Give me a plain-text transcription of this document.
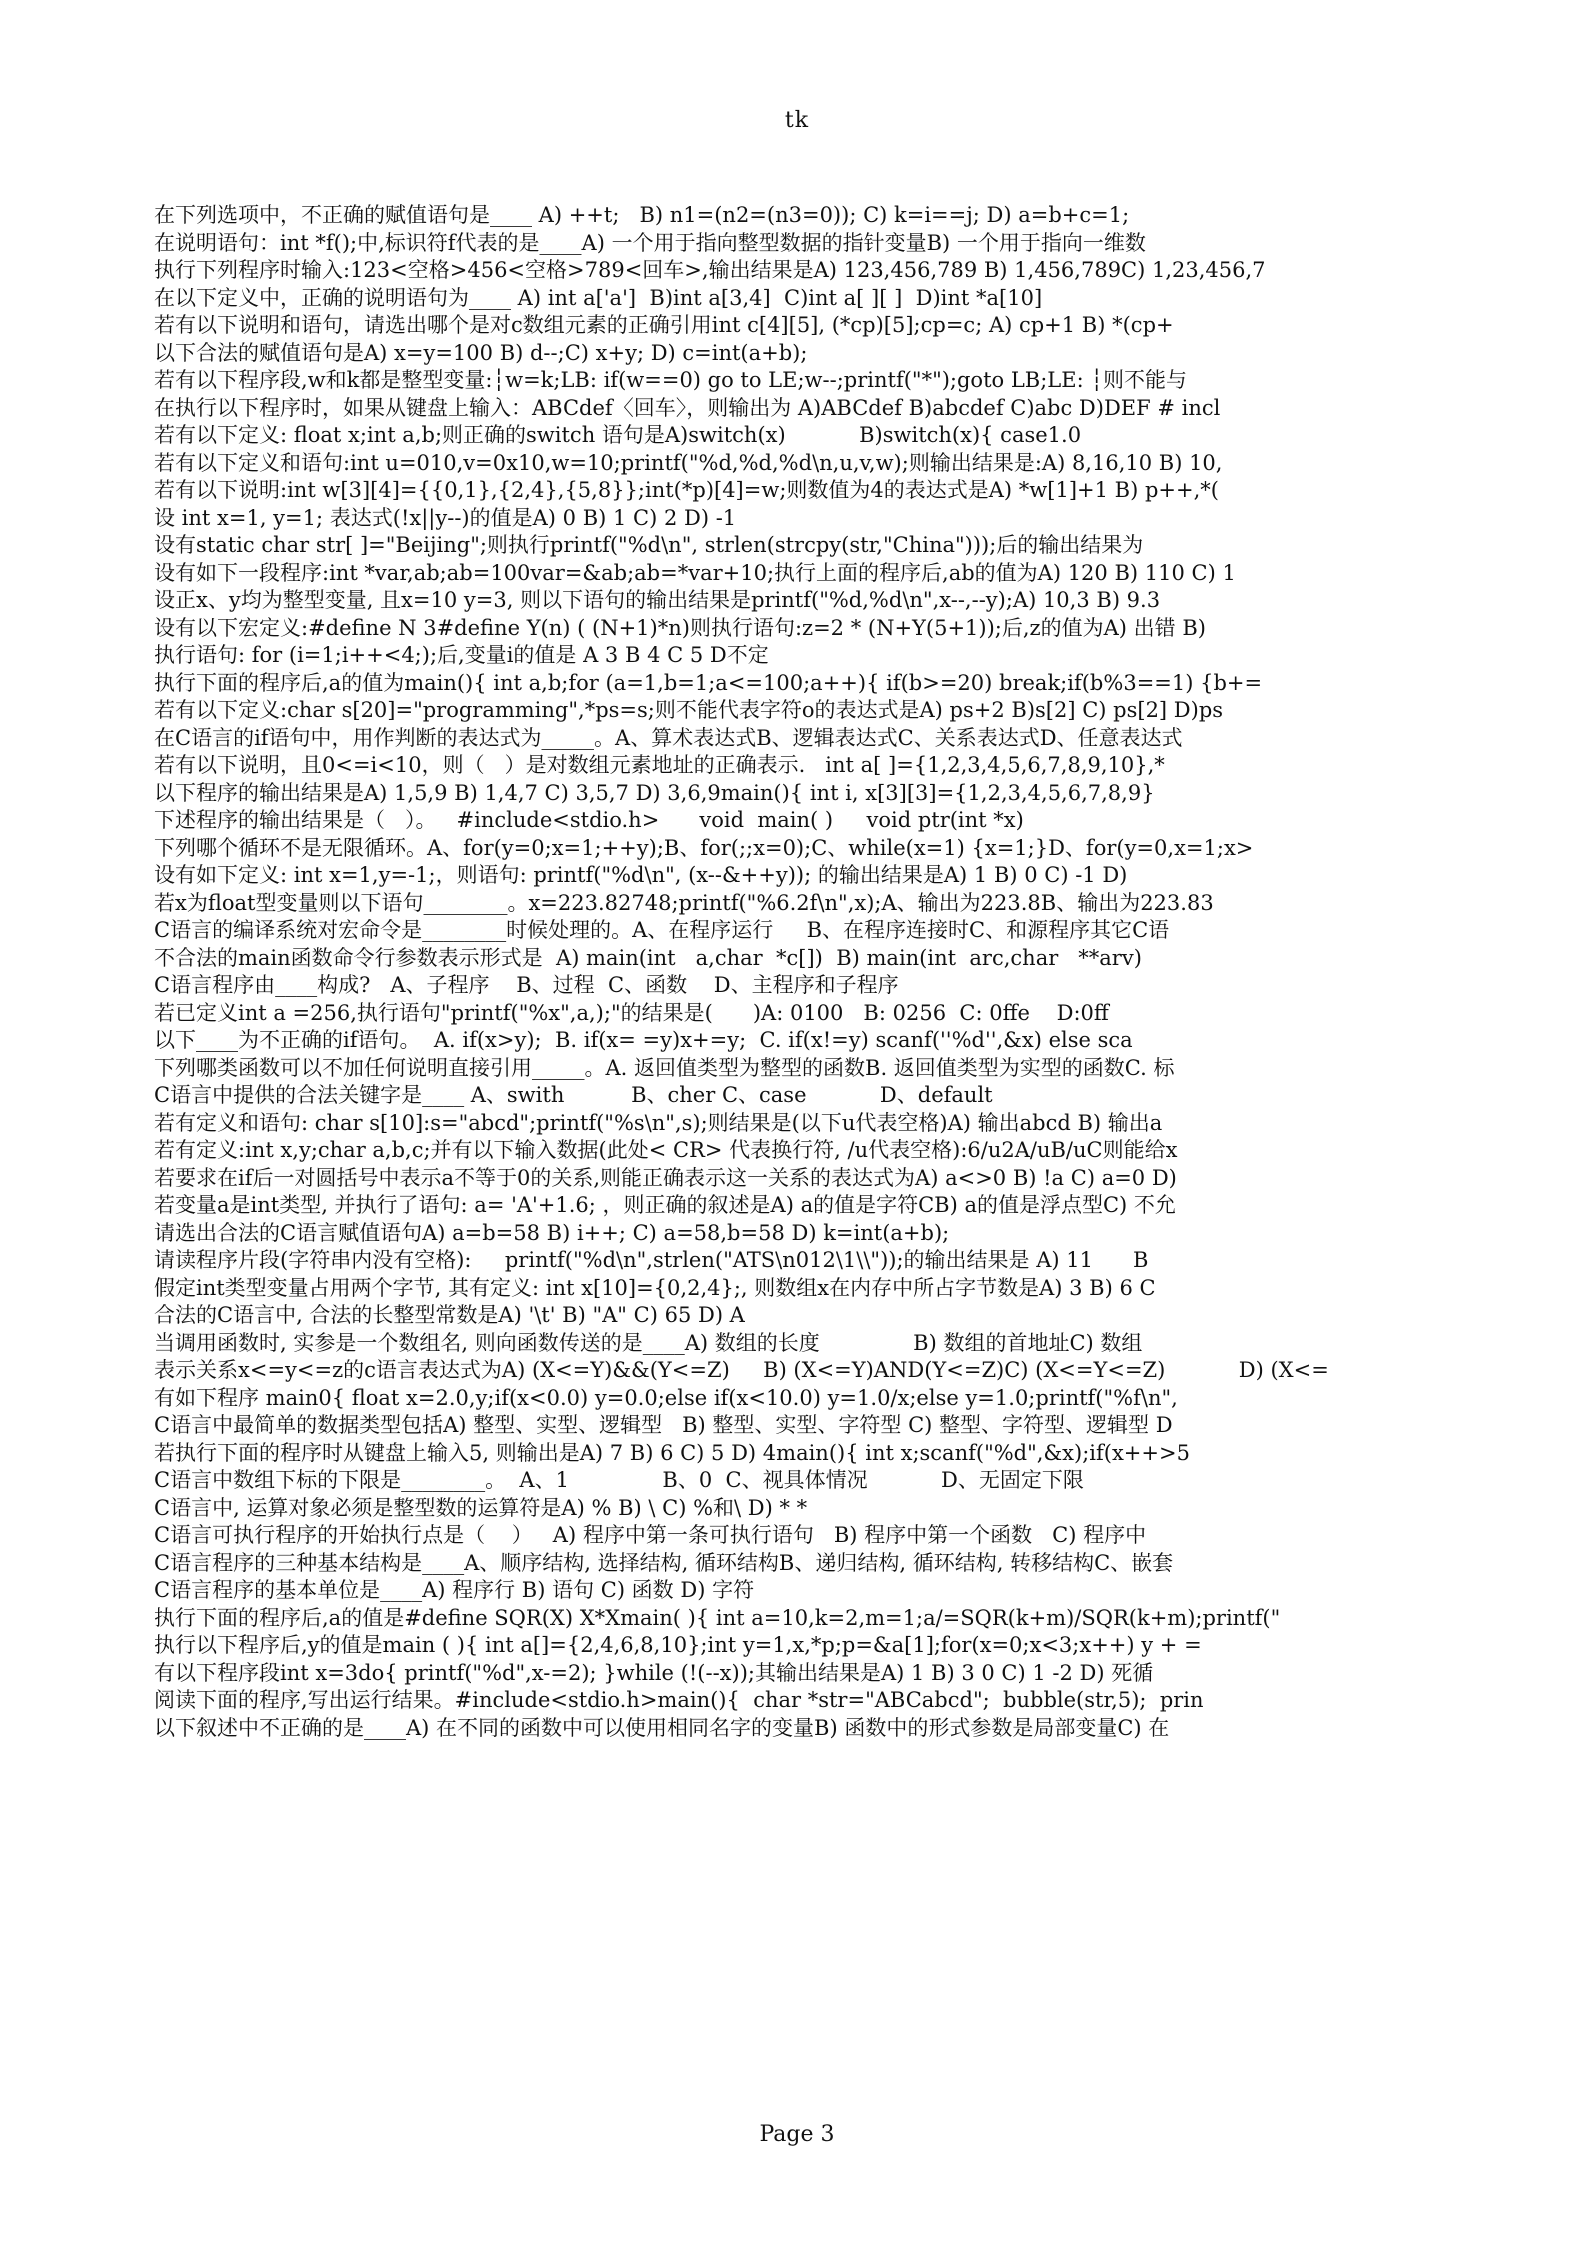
tk
在下列选项中，不正确的赋值语句是____ A) ++t;   B) n1=(n2=(n3=0)); C) k=i==j; D) a=b+c=1;
在说明语句：int *f();中,标识符f代表的是____A) 一个用于指向整型数据的指针变量B) 一个用于指向一维数
执行下列程序时输入:123<空格>456<空格>789<回车>,输出结果是A) 123,456,789 B) 1,456,789C) 1,23,456,7
在以下定义中，正确的说明语句为____ A) int a['a']  B)int a[3,4]  C)int a[ ][ ]  D)int *a[10]
若有以下说明和语句，请选出哪个是对c数组元素的正确引用int c[4][5], (*cp)[5];cp=c; A) cp+1 B) *(cp+
以下合法的赋值语句是A) x=y=100 B) d--;C) x+y; D) c=int(a+b);
若有以下程序段,w和k都是整型变量:┆w=k;LB: if(w==0) go to LE;w--;printf("*");goto LB;LE: ┆则不能与
在执行以下程序时，如果从键盘上输入：ABCdef〈回车〉，则输出为 A)ABCdef B)abcdef C)abc D)DEF # incl
若有以下定义: float x;int a,b;则正确的switch 语句是A)switch(x)           B)switch(x){ case1.0
若有以下定义和语句:int u=010,v=0x10,w=10;printf("%d,%d,%d\n,u,v,w);则输出结果是:A) 8,16,10 B) 10,
若有以下说明:int w[3][4]={{0,1},{2,4},{5,8}};int(*p)[4]=w;则数值为4的表达式是A) *w[1]+1 B) p++,*(
设 int x=1, y=1; 表达式(!x||y--)的值是A) 0 B) 1 C) 2 D) -1
设有static char str[ ]="Beijing";则执行printf("%d\n", strlen(strcpy(str,"China")));后的输出结果为
设有如下一段程序:int *var,ab;ab=100var=&ab;ab=*var+10;执行上面的程序后,ab的值为A) 120 B) 110 C) 1
设正x、y均为整型变量, 且x=10 y=3, 则以下语句的输出结果是printf("%d,%d\n",x--,--y);A) 10,3 B) 9.3
设有以下宏定义:#define N 3#define Y(n) ( (N+1)*n)则执行语句:z=2 * (N+Y(5+1));后,z的值为A) 出错 B)
执行语句: for (i=1;i++<4;);后,变量i的值是 A 3 B 4 C 5 D不定
执行下面的程序后,a的值为main(){ int a,b;for (a=1,b=1;a<=100;a++){ if(b>=20) break;if(b%3==1) {b+=
若有以下定义:char s[20]="programming",*ps=s;则不能代表字符o的表达式是A) ps+2 B)s[2] C) ps[2] D)ps
在C语言的if语句中，用作判断的表达式为_____。A、算术表达式B、逻辑表达式C、关系表达式D、任意表达式
若有以下说明，且0<=i<10，则（   ）是对数组元素地址的正确表示.   int a[ ]={1,2,3,4,5,6,7,8,9,10},*
以下程序的输出结果是A) 1,5,9 B) 1,4,7 C) 3,5,7 D) 3,6,9main(){ int i, x[3][3]={1,2,3,4,5,6,7,8,9}
下述程序的输出结果是（   ）。   #include<stdio.h>      void  main( )     void ptr(int *x)
下列哪个循环不是无限循环。A、for(y=0;x=1;++y);B、for(;;x=0);C、while(x=1) {x=1;}D、for(y=0,x=1;x>
设有如下定义: int x=1,y=-1;，则语句: printf("%d\n", (x--&++y)); 的输出结果是A) 1 B) 0 C) -1 D)
若x为float型变量则以下语句________。x=223.82748;printf("%6.2f\n",x);A、输出为223.8B、输出为223.83
C语言的编译系统对宏命令是________时候处理的。A、在程序运行     B、在程序连接时C、和源程序其它C语
不合法的main函数命令行参数表示形式是  A) main(int   a,char  *c[])  B) main(int  arc,char   **arv)
C语言程序由____构成?   A、子程序    B、过程  C、函数    D、主程序和子程序
若已定义int a =256,执行语句"printf("%x",a,);"的结果是(      )A: 0100   B: 0256  C: 0ffe    D:0ff
以下____为不正确的if语句。  A. if(x>y);  B. if(x= =y)x+=y;  C. if(x!=y) scanf(''%d'',&x) else sca
下列哪类函数可以不加任何说明直接引用_____。A. 返回值类型为整型的函数B. 返回值类型为实型的函数C. 标
C语言中提供的合法关键字是____ A、swith          B、cher C、case           D、default
若有定义和语句: char s[10]:s="abcd";printf("%s\n",s);则结果是(以下u代表空格)A) 输出abcd B) 输出a
若有定义:int x,y;char a,b,c;并有以下输入数据(此处< CR> 代表换行符, /u代表空格):6/u2A/uB/uC则能给x
若要求在if后一对圆括号中表示a不等于0的关系,则能正确表示这一关系的表达式为A) a<>0 B) !a C) a=0 D)
若变量a是int类型, 并执行了语句: a= 'A'+1.6; ，则正确的叙述是A) a的值是字符CB) a的值是浮点型C) 不允
请选出合法的C语言赋值语句A) a=b=58 B) i++; C) a=58,b=58 D) k=int(a+b);
请读程序片段(字符串内没有空格):     printf("%d\n",strlen("ATS\n012\1\\"));的输出结果是 A) 11      B
假定int类型变量占用两个字节, 其有定义: int x[10]={0,2,4};, 则数组x在内存中所占字节数是A) 3 B) 6 C
合法的C语言中, 合法的长整型常数是A) '\t' B) "A" C) 65 D) A
当调用函数时, 实参是一个数组名, 则向函数传送的是____A) 数组的长度              B) 数组的首地址C) 数组
表示关系x<=y<=z的c语言表达式为A) (X<=Y)&&(Y<=Z)     B) (X<=Y)AND(Y<=Z)C) (X<=Y<=Z)           D) (X<=
有如下程序 main0{ float x=2.0,y;if(x<0.0) y=0.0;else if(x<10.0) y=1.0/x;else y=1.0;printf("%f\n",
C语言中最简单的数据类型包括A) 整型、实型、逻辑型   B) 整型、实型、字符型 C) 整型、字符型、逻辑型 D
若执行下面的程序时从键盘上输入5, 则输出是A) 7 B) 6 C) 5 D) 4main(){ int x;scanf("%d",&x);if(x++>5
C语言中数组下标的下限是________。  A、1              B、0  C、视具体情况           D、无固定下限
C语言中, 运算对象必须是整型数的运算符是A) % B) \ C) %和\ D) * *
C语言可执行程序的开始执行点是（    ）   A) 程序中第一条可执行语句   B) 程序中第一个函数   C) 程序中
C语言程序的三种基本结构是____A、顺序结构, 选择结构, 循环结构B、递归结构, 循环结构, 转移结构C、嵌套
C语言程序的基本单位是____A) 程序行 B) 语句 C) 函数 D) 字符
执行下面的程序后,a的值是#define SQR(X) X*Xmain( ){ int a=10,k=2,m=1;a/=SQR(k+m)/SQR(k+m);printf("
执行以下程序后,y的值是main ( ){ int a[]={2,4,6,8,10};int y=1,x,*p;p=&a[1];for(x=0;x<3;x++) y + =
有以下程序段int x=3do{ printf("%d",x-=2); }while (!(--x));其输出结果是A) 1 B) 3 0 C) 1 -2 D) 死循
阅读下面的程序,写出运行结果。#include<stdio.h>main(){  char *str="ABCabcd";  bubble(str,5);  prin
以下叙述中不正确的是____A) 在不同的函数中可以使用相同名字的变量B) 函数中的形式参数是局部变量C) 在
Page 3
